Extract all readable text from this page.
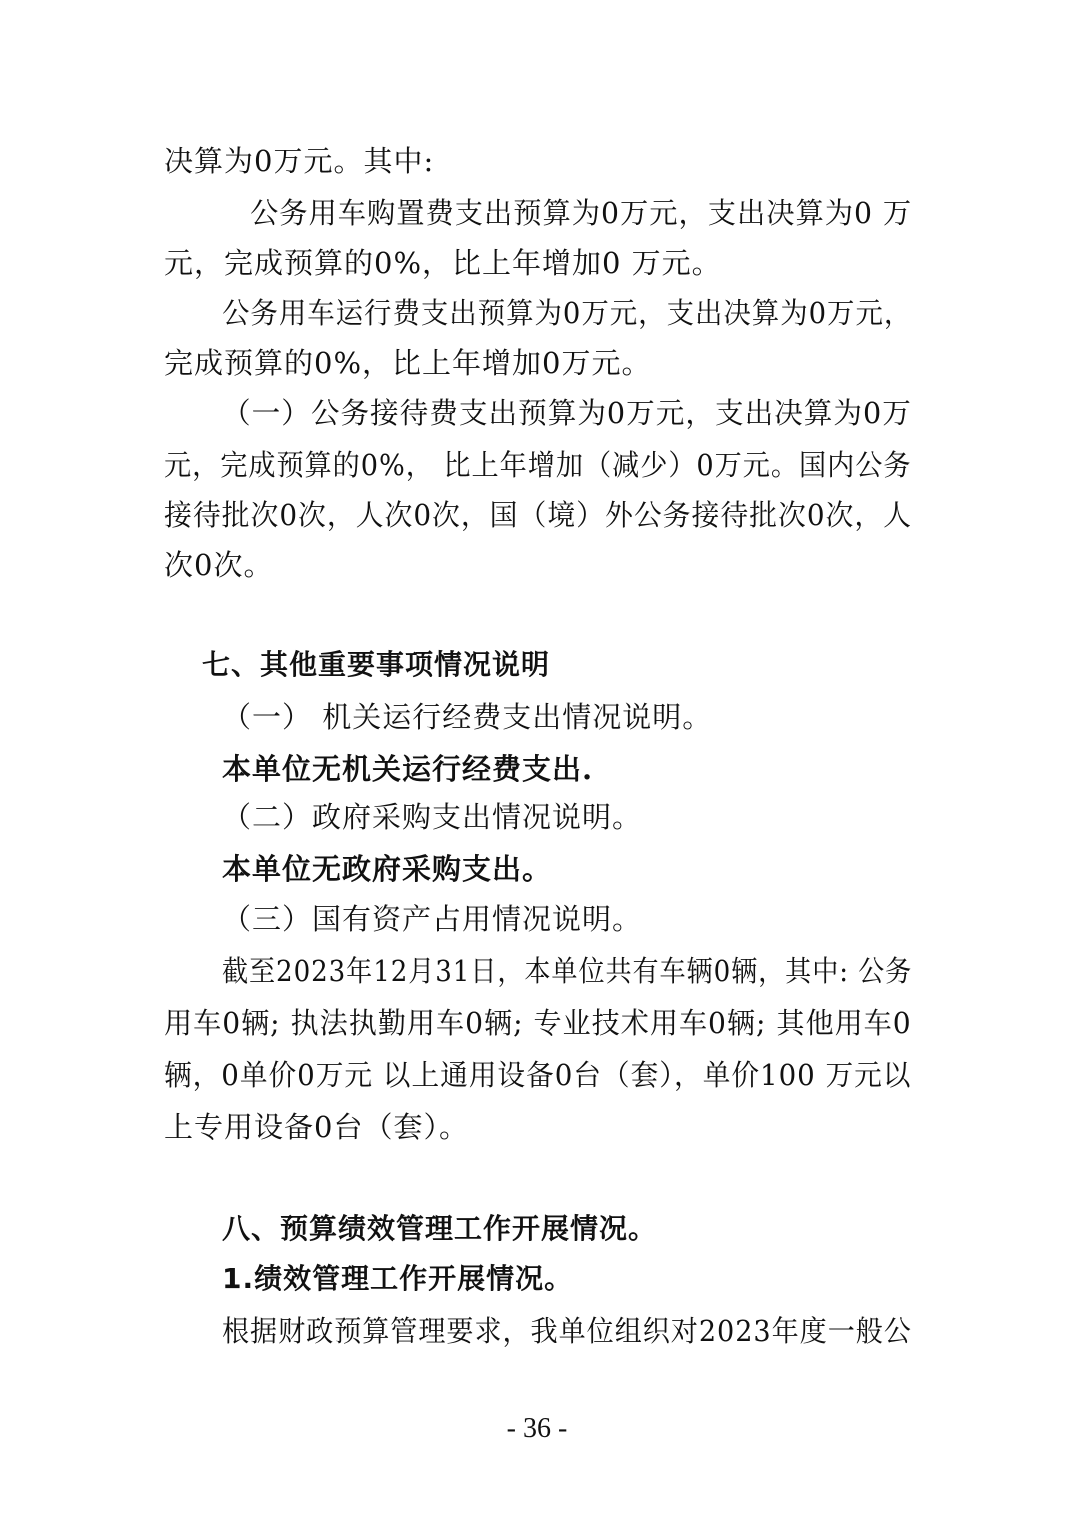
决算为0万元。其中:
公务用车购置费支出预算为0万元，支出决算为0 万
元，完成预算的0%，比上年增加0 万元。
公务用车运行费支出预算为0万元，支出决算为0万元，
完成预算的0%，比上年增加0万元。
（一）公务接待费支出预算为0万元，支出决算为0万
元，完成预算的0%， 比上年增加（减少）0万元。国内公务
接待批次0次，人次0次，国（境）外公务接待批次0次，人
次0次。
七、其他重要事项情况说明
（一） 机关运行经费支出情况说明。
本单位无机关运行经费支出.
（二）政府采购支出情况说明。
本单位无政府采购支出。
（三）国有资产占用情况说明。
截至2023年12月31日，本单位共有车辆0辆，其中: 公务
用车0辆; 执法执勤用车0辆; 专业技术用车0辆; 其他用车0
辆，0单价0万元 以上通用设备0台（套），单价100 万元以
上专用设备0台（套）。
八、预算绩效管理工作开展情况。
1.绩效管理工作开展情况。
根据财政预算管理要求，我单位组织对2023年度一般公
- 36 -
